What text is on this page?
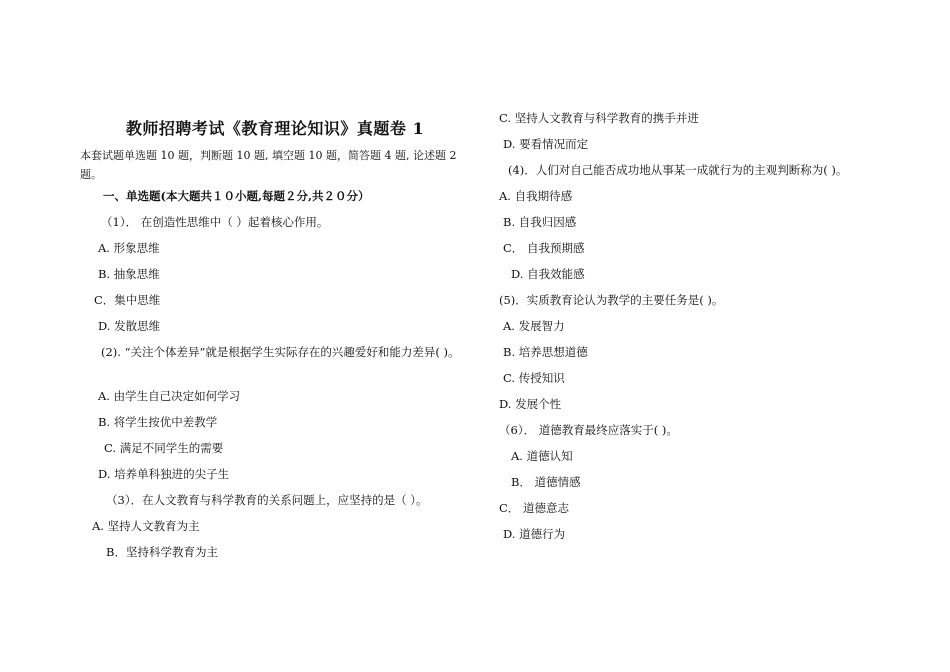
教师招聘考试《教育理论知识》真题卷 1
本套试题单选题 10 题，判断题 10 题, 填空题 10 题，简答题 4 题, 论述题 2 题。
一、单选题(本大题共１０小题,每题２分,共２０分）
（1）． 在创造性思维中（ ）起着核心作用。
A. 形象思维
B. 抽象思维
C．集中思维
D. 发散思维
(2). “关注个体差异”就是根据学生实际存在的兴趣爱好和能力差异( )。
A. 由学生自己决定如何学习
B. 将学生按优中差教学
C. 满足不同学生的需要
D. 培养单科独进的尖子生
（3）．在人文教育与科学教育的关系问题上，应坚持的是（ ）。
A. 坚持人文教育为主
B．坚持科学教育为主
C. 坚持人文教育与科学教育的携手并进
D. 要看情况而定
(4)．人们对自己能否成功地从事某一成就行为的主观判断称为( )。
A. 自我期待感
B. 自我归因感
C． 自我预期感
D. 自我效能感
(5)．实质教育论认为教学的主要任务是( )。
A. 发展智力
B. 培养思想道德
C. 传授知识
D. 发展个性
（6）． 道德教育最终应落实于( )。
A. 道德认知
B． 道德情感
C． 道德意志
D. 道德行为
